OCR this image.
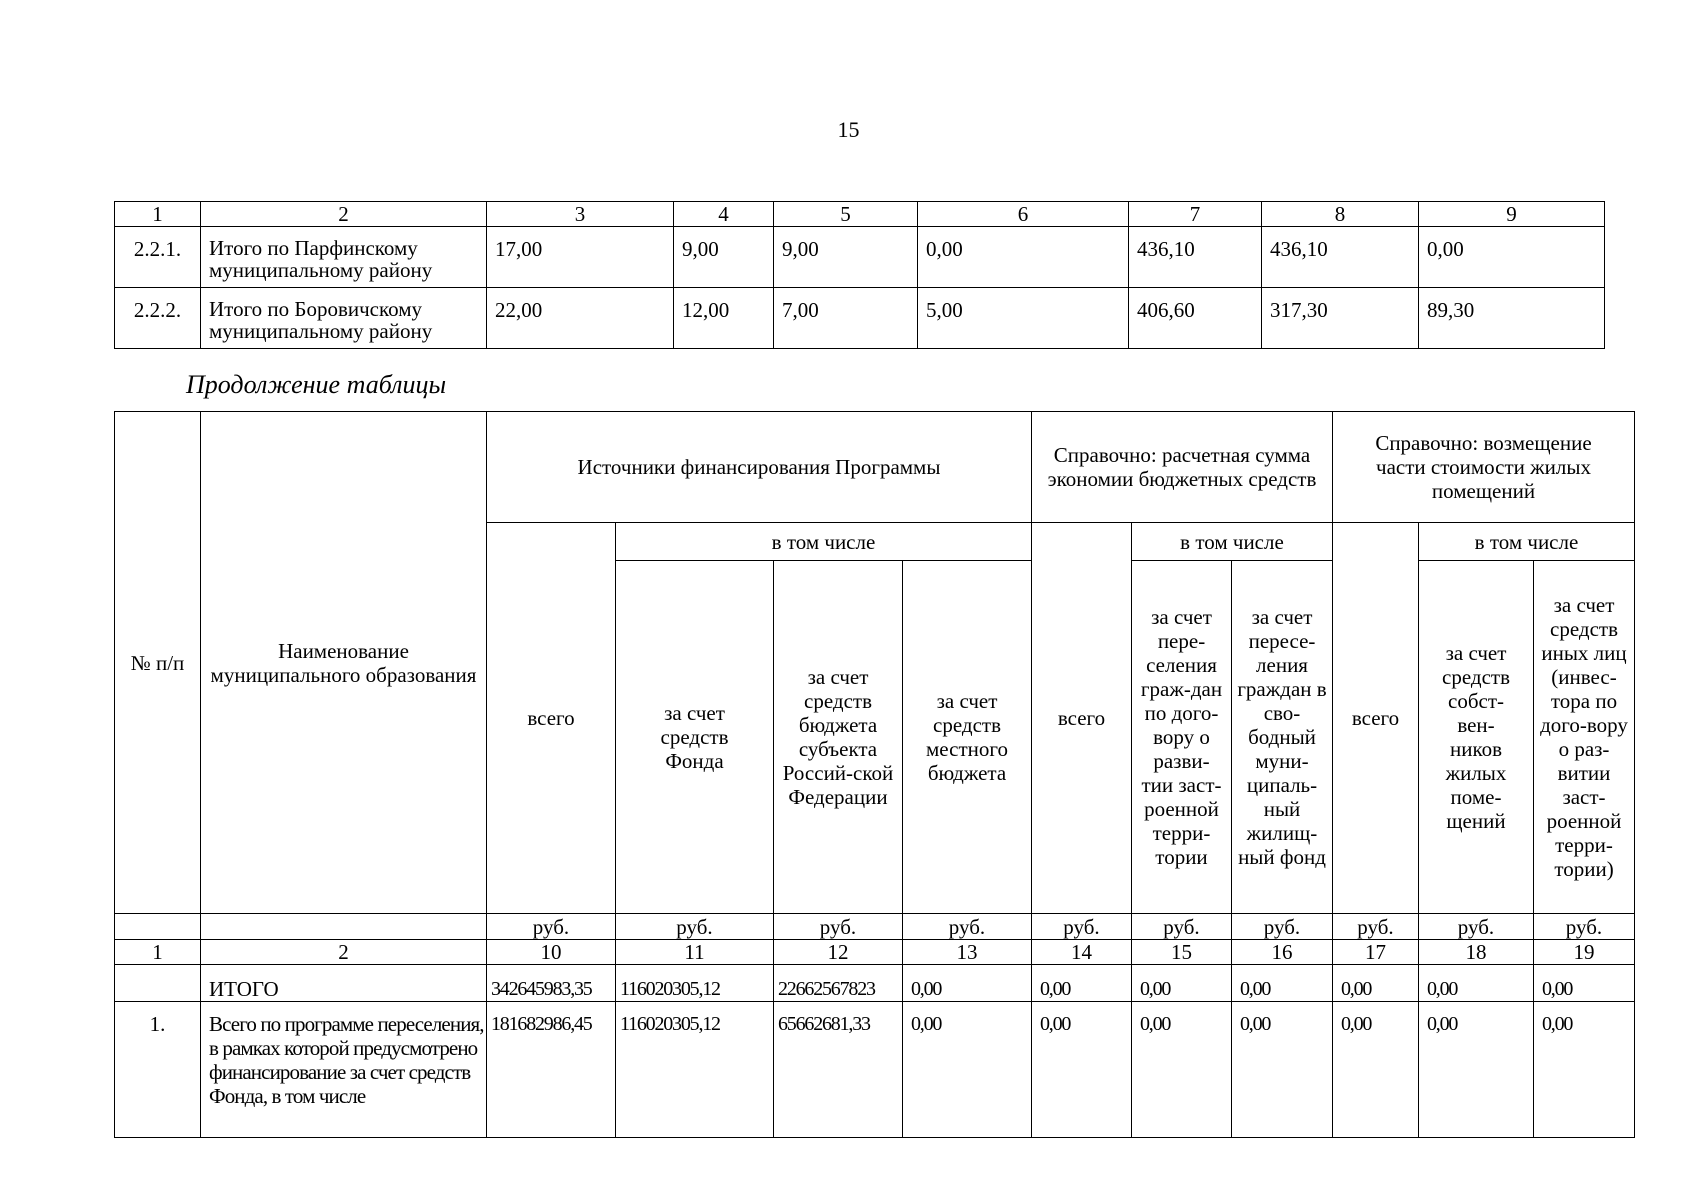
15
1	2	3	4	5	6	7	8	9
2.2.1.	Итого по Парфинскому муниципальному району	17,00	9,00	9,00	0,00	436,10	436,10	0,00
2.2.2.	Итого по Боровичскому муниципальному району	22,00	12,00	7,00	5,00	406,60	317,30	89,30
Продолжение таблицы
№ п/п	Наименование муниципального образования	Источники финансирования Программы				Справочно: расчетная сумма экономии бюджетных средств			Справочно: возмещение части стоимости жилых помещений		
		всего	в том числе			всего	в том числе		всего	в том числе	
			за счет средств Фонда	за счет средств бюджета субъекта Россий-ской Федерации	за счет средств местного бюджета		за счет пере-селения граж-дан по дого-вору о разви-тии заст-роенной терри-тории	за счет пересе-ления граждан в сво-бодный муни-ципаль-ный жилищ-ный фонд		за счет средств собст-вен-ников жилых поме-щений	за счет средств иных лиц (инвес-тора по дого-вору о раз-витии заст-роенной терри-тории)
		руб.	руб.	руб.	руб.	руб.	руб.	руб.	руб.	руб.	руб.
1	2	10	11	12	13	14	15	16	17	18	19
	ИТОГО	342645983,35	116020305,12	22662567823	0,00	0,00	0,00	0,00	0,00	0,00	0,00
1.	Всего по программе переселения, в рамках которой предусмотрено финансирование за счет средств Фонда, в том числе	181682986,45	116020305,12	65662681,33	0,00	0,00	0,00	0,00	0,00	0,00	0,00
